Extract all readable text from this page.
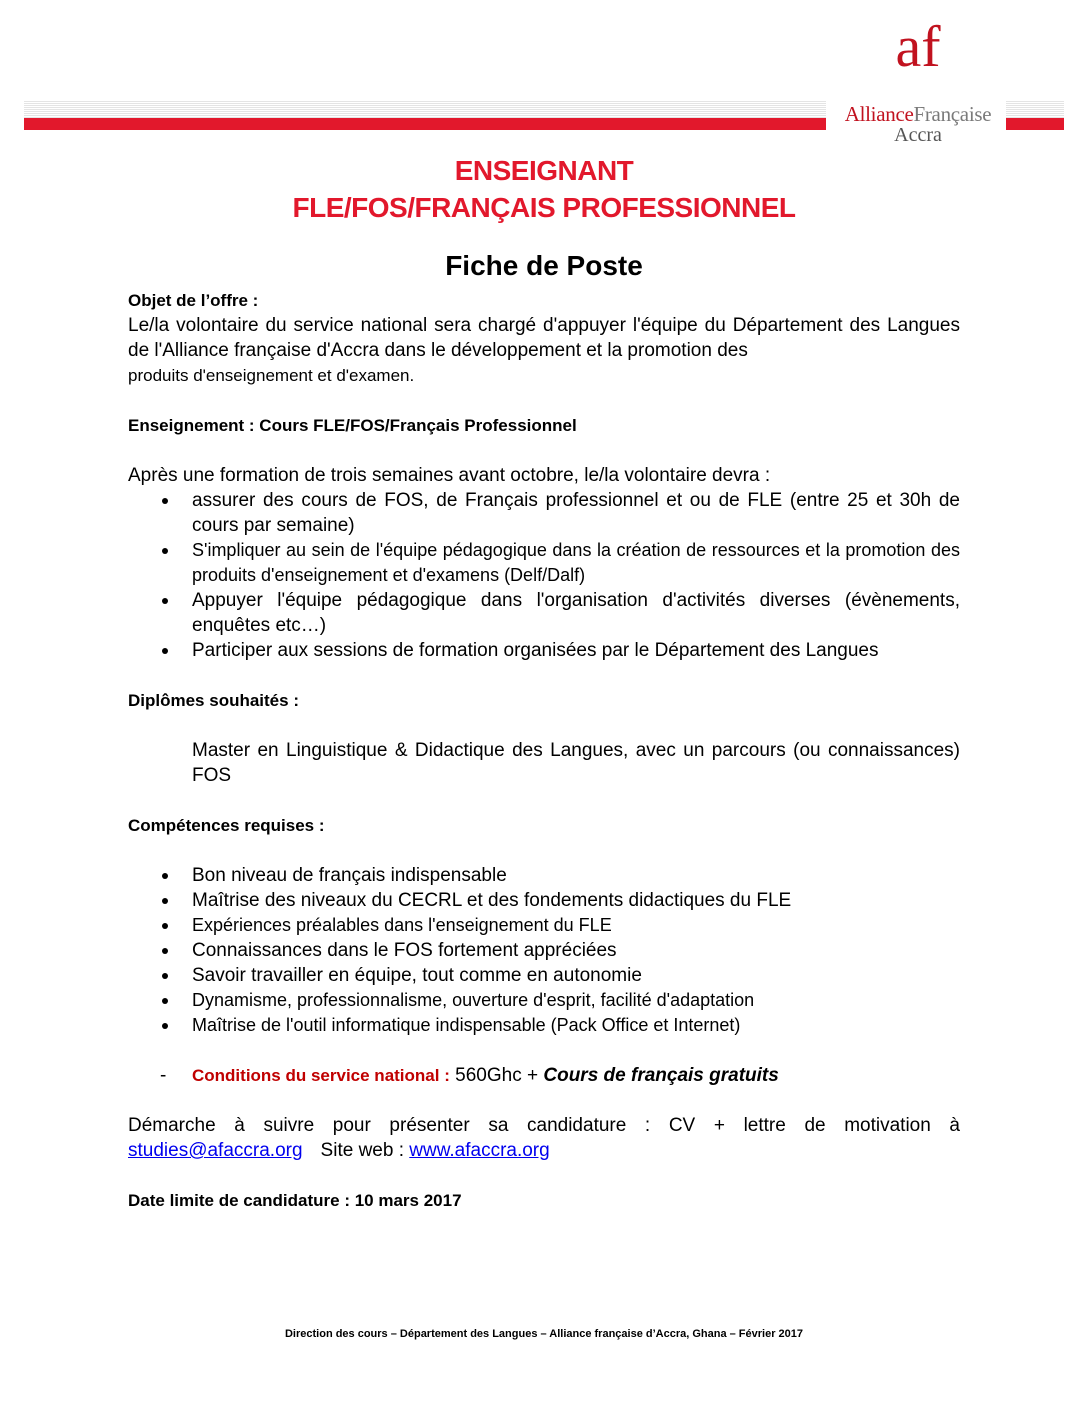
af
AllianceFrançaise
Accra
ENSEIGNANT
FLE/FOS/FRANÇAIS PROFESSIONNEL
Fiche de Poste

Objet de l’offre :

Le/la volontaire du service national sera chargé d'appuyer l'équipe du Département des Langues de l'Alliance française d'Accra dans le développement et la promotion des
produits d'enseignement et d'examen.

Enseignement : Cours FLE/FOS/Français Professionnel

Après une formation de trois semaines avant octobre, le/la volontaire devra :

assurer des cours de FOS, de Français professionnel et ou de FLE (entre 25 et 30h de cours par semaine)
S'impliquer au sein de l'équipe pédagogique dans la création de ressources et la promotion des produits d'enseignement et d'examens (Delf/Dalf)
Appuyer l'équipe pédagogique dans l'organisation d'activités diverses (évènements, enquêtes etc…)
Participer aux sessions de formation organisées par le Département des Langues

Diplômes souhaités :

Master en Linguistique & Didactique des Langues, avec un parcours (ou connaissances) FOS

Compétences requises :

Bon niveau de français indispensable
Maîtrise des niveaux du CECRL et des fondements didactiques du FLE
Expériences préalables dans l'enseignement du FLE
Connaissances dans le FOS fortement appréciées
Savoir travailler en équipe, tout comme en autonomie
Dynamisme, professionnalisme, ouverture d'esprit, facilité d'adaptation
Maîtrise de l'outil informatique indispensable (Pack Office et Internet)

- Conditions du service national : 560Ghc + Cours de français gratuits

Démarche à suivre pour présenter sa candidature : CV + lettre de motivation à

studies@afaccra.org Site web : www.afaccra.org

Date limite de candidature : 10 mars 2017

Direction des cours – Département des Langues – Alliance française d’Accra, Ghana – Février 2017
